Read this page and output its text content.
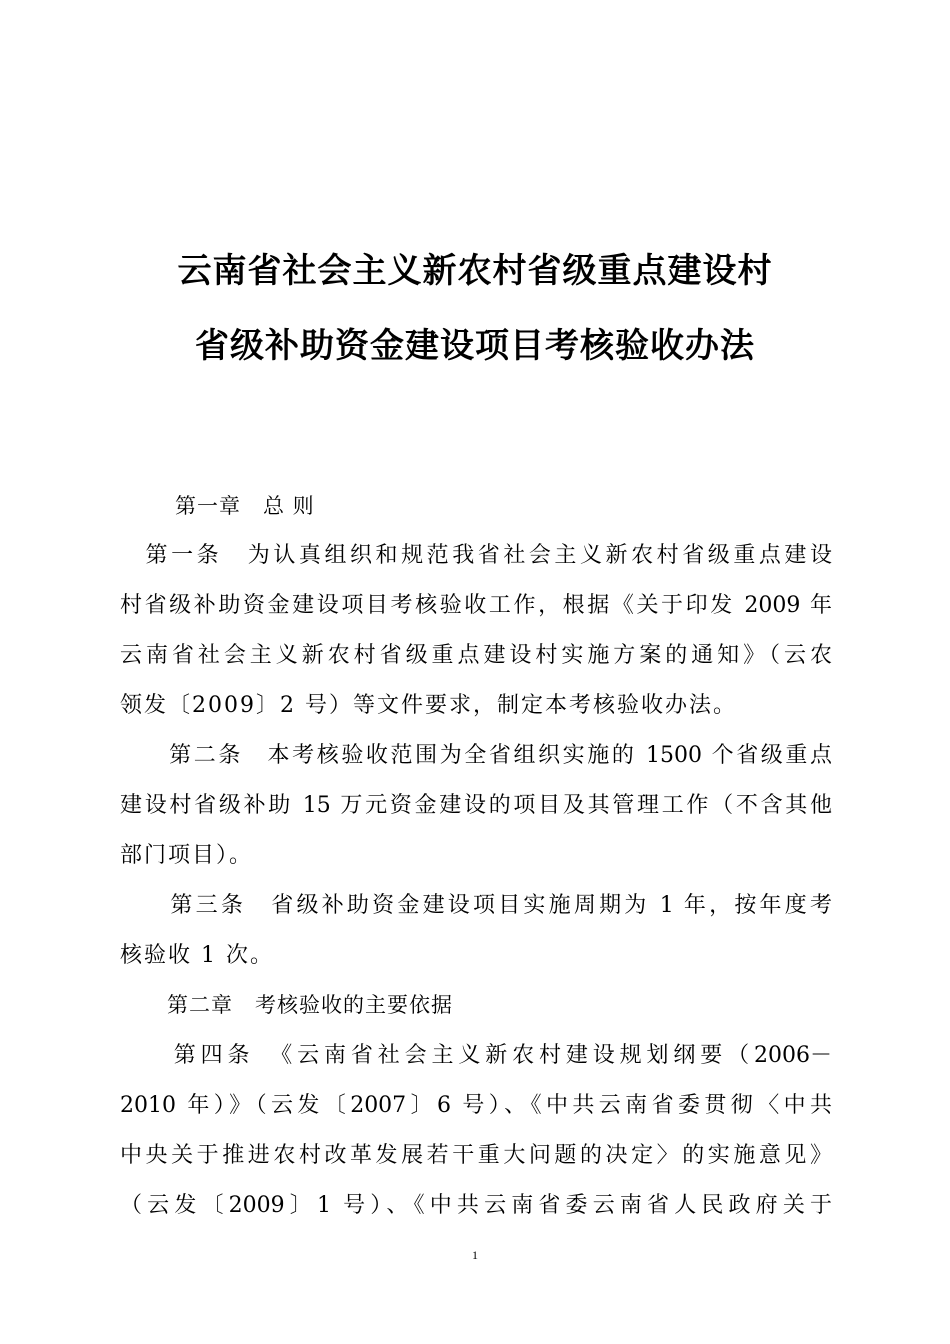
云南省社会主义新农村省级重点建设村
省级补助资金建设项目考核验收办法
第一章　总 则
　第一条　为认真组织和规范我省社会主义新农村省级重点建设
村省级补助资金建设项目考核验收工作，根据《关于印发 2009 年
云南省社会主义新农村省级重点建设村实施方案的通知》（云农
领发〔2009〕2 号）等文件要求，制定本考核验收办法。
　　第二条　本考核验收范围为全省组织实施的 1500 个省级重点
建设村省级补助 15 万元资金建设的项目及其管理工作（不含其他
部门项目）。
　　第三条　省级补助资金建设项目实施周期为 1 年，按年度考
核验收 1 次。
第二章　考核验收的主要依据
　　第四条　《云南省社会主义新农村建设规划纲要（2006－
2010 年）》（云发〔2007〕6 号）、《中共云南省委贯彻〈中共
中央关于推进农村改革发展若干重大问题的决定〉的实施意见》
（云发〔2009〕1 号）、《中共云南省委云南省人民政府关于
1
